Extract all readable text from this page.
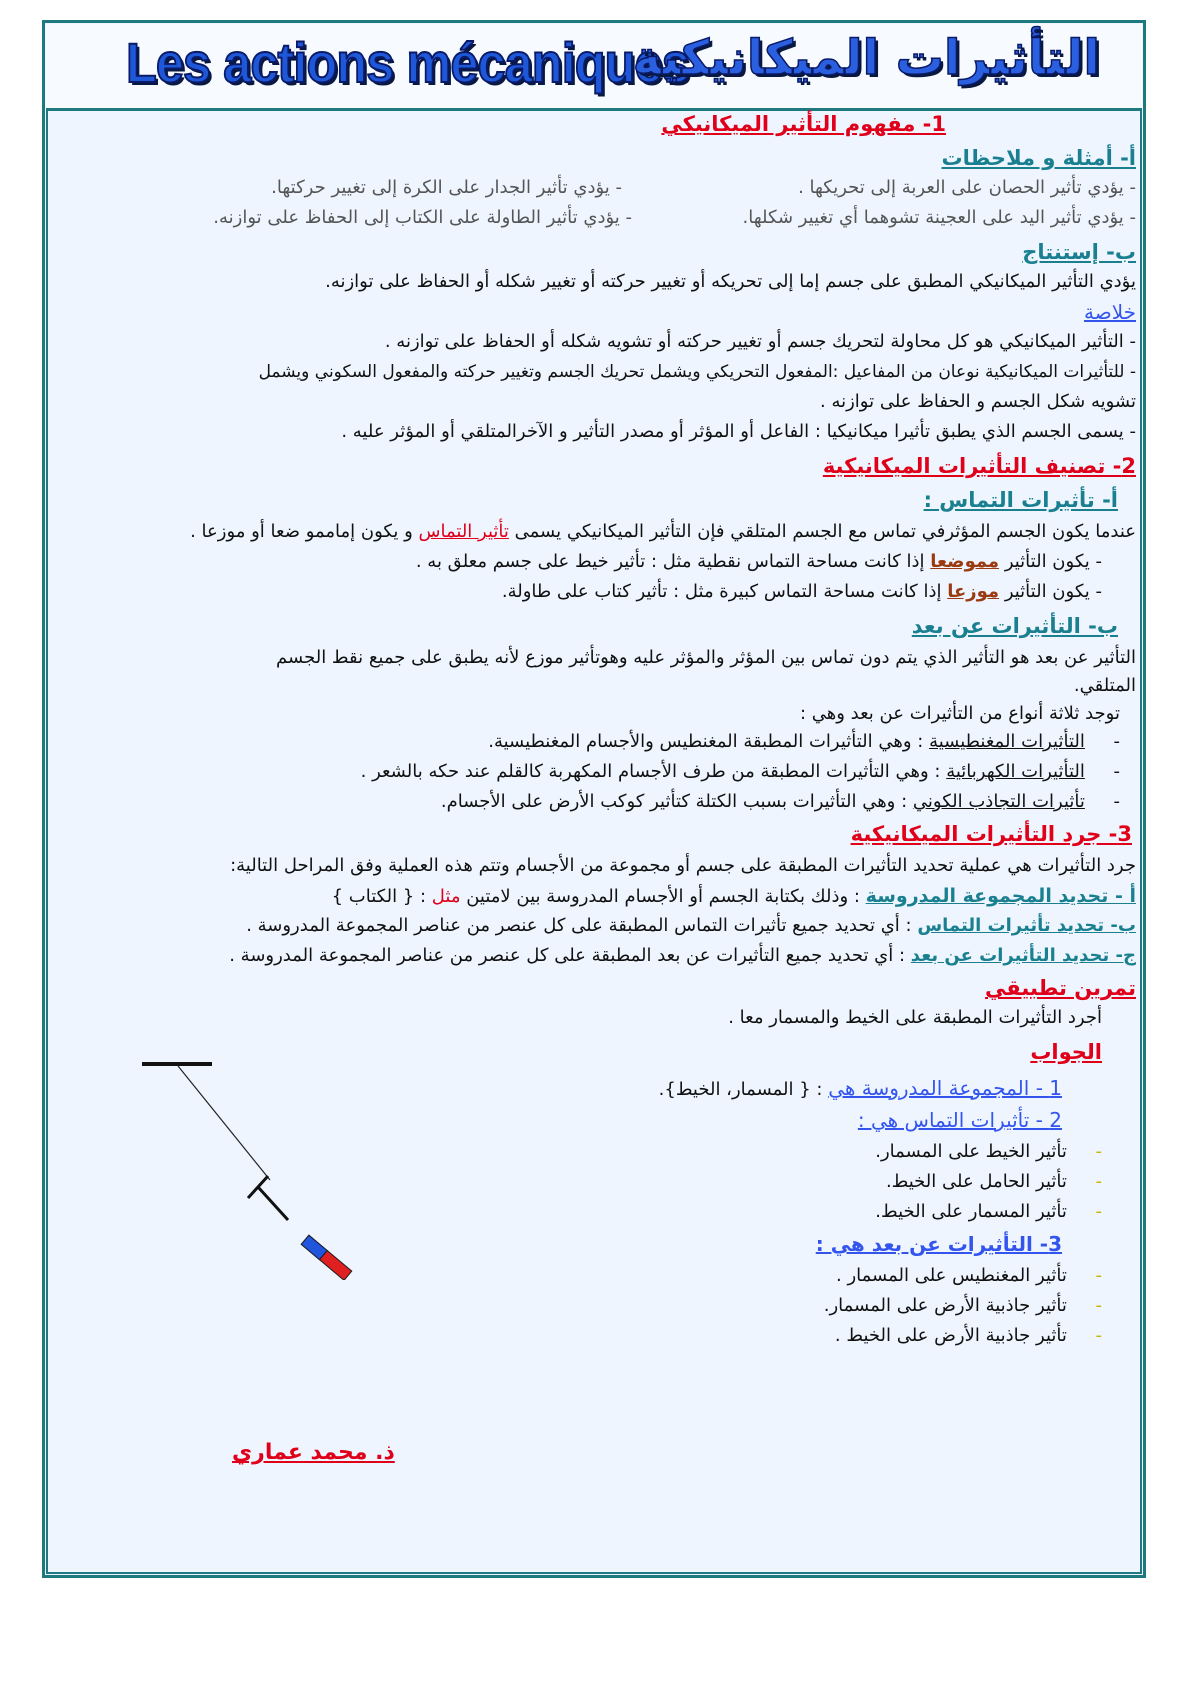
Les actions mécaniques
التأثيرات الميكانيكية
1- مفهوم التأثير الميكانيكي
أ- أمثلة و ملاحظات
- يؤدي تأثير الحصان على العربة إلى تحريكها .
- يؤدي تأثير الجدار على الكرة إلى تغيير حركتها.
- يؤدي تأثير اليد على العجينة تشوهما أي تغيير شكلها.
- يؤدي تأثير الطاولة على الكتاب إلى الحفاظ على توازنه.
ب- إستنتاج
يؤدي التأثير الميكانيكي المطبق على جسم إما إلى تحريكه أو تغيير حركته أو تغيير شكله أو الحفاظ على توازنه.
خلاصة
- التأثير الميكانيكي هو كل محاولة لتحريك جسم أو تغيير حركته أو تشويه شكله أو الحفاظ على توازنه .
- للتأثيرات الميكانيكية نوعان من المفاعيل :المفعول التحريكي ويشمل تحريك الجسم وتغيير حركته والمفعول السكوني ويشمل
تشويه شكل الجسم و الحفاظ على توازنه .
- يسمى الجسم الذي يطبق تأثيرا ميكانيكيا : الفاعل أو المؤثر أو مصدر التأثير و الآخرالمتلقي أو المؤثر عليه .
2- تصنيف التأثيرات الميكانيكية
أ- تأثيرات التماس :
عندما يكون الجسم المؤثرفي تماس مع الجسم المتلقي فإن التأثير الميكانيكي يسمى تأثير التماس و يكون إماممو ضعا أو موزعا .
- يكون التأثير مموضعا إذا كانت مساحة التماس نقطية مثل : تأثير خيط على جسم معلق به .
- يكون التأثير موزعا إذا كانت مساحة التماس كبيرة مثل : تأثير كتاب على طاولة.
ب- التأثيرات عن بعد
التأثير عن بعد هو التأثير الذي يتم دون تماس بين المؤثر والمؤثر عليه وهوتأثير موزع لأنه يطبق على جميع نقط الجسم
المتلقي.
توجد ثلاثة أنواع من التأثيرات عن بعد وهي :
-     التأثيرات المغنطيسية : وهي التأثيرات المطبقة المغنطيس والأجسام المغنطيسية.
-     التأثيرات الكهربائية : وهي التأثيرات المطبقة من طرف الأجسام المكهربة كالقلم عند حكه بالشعر .
-     تأثيرات التجاذب الكوني : وهي التأثيرات بسبب الكتلة كتأثير كوكب الأرض على الأجسام.
3- جرد التأثيرات الميكانيكية
جرد التأثيرات هي عملية تحديد التأثيرات المطبقة على جسم أو مجموعة من الأجسام وتتم هذه العملية وفق المراحل التالية:
أ - تحديد المجموعة المدروسة : وذلك بكتابة الجسم أو الأجسام المدروسة بين لامتين مثل : { الكتاب }
ب- تحديد تأثيرات التماس : أي تحديد جميع تأثيرات التماس المطبقة على كل عنصر من عناصر المجموعة المدروسة .
ج- تحديد التأثيرات عن بعد : أي تحديد جميع التأثيرات عن بعد المطبقة على كل عنصر من عناصر المجموعة المدروسة .
تمرين تطبيقي
أجرد التأثيرات المطبقة على الخيط والمسمار معا .
الجواب
1 - المجموعة المدروسة هي : { المسمار، الخيط}.
2 - تأثيرات التماس هي :
-     تأثير الخيط على المسمار.
-     تأثير الحامل على الخيط.
-     تأثير المسمار على الخيط.
3- التأثيرات عن بعد هي :
-     تأثير المغنطيس على المسمار .
-     تأثير جاذبية الأرض على المسمار.
-     تأثير جاذبية الأرض على الخيط .
ذ. محمد عماري
